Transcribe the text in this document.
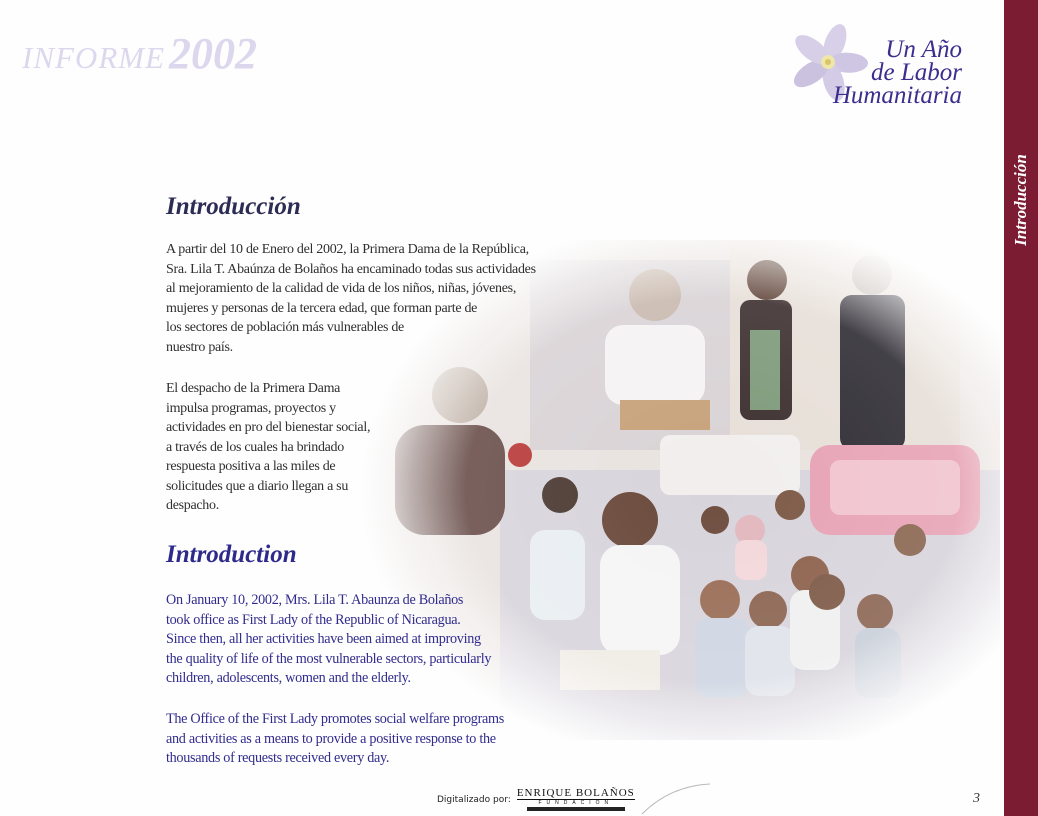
INFORME2002	Un Año
de Labor
Humanitaria
Introducción
Introducción

A partir del 10 de Enero del 2002, la Primera Dama de la República,
Sra. Lila T. Abaúnza de Bolaños ha encaminado todas sus actividades
al mejoramiento de la calidad de vida de los niños, niñas, jóvenes,
mujeres y personas de la tercera edad, que forman parte de
los sectores de población más vulnerables de
nuestro país.

El despacho de la Primera Dama
impulsa programas, proyectos y
actividades en pro del bienestar social,
a través de los cuales ha brindado
respuesta positiva a las miles de
solicitudes que a diario llegan a su
despacho.

Introduction

On January 10, 2002, Mrs. Lila T. Abaunza de Bolaños
took office as First Lady of the Republic of Nicaragua.
Since then, all her activities have been aimed at improving
the quality of life of the most vulnerable sectors, particularly
children, adolescents, women and the elderly.

The Office of the First Lady promotes social welfare programs
and activities as a means to provide a positive response to the
thousands of requests received every day.

Digitalizado por:
ENRIQUE BOLAÑOS
FUNDACIÓN	3
